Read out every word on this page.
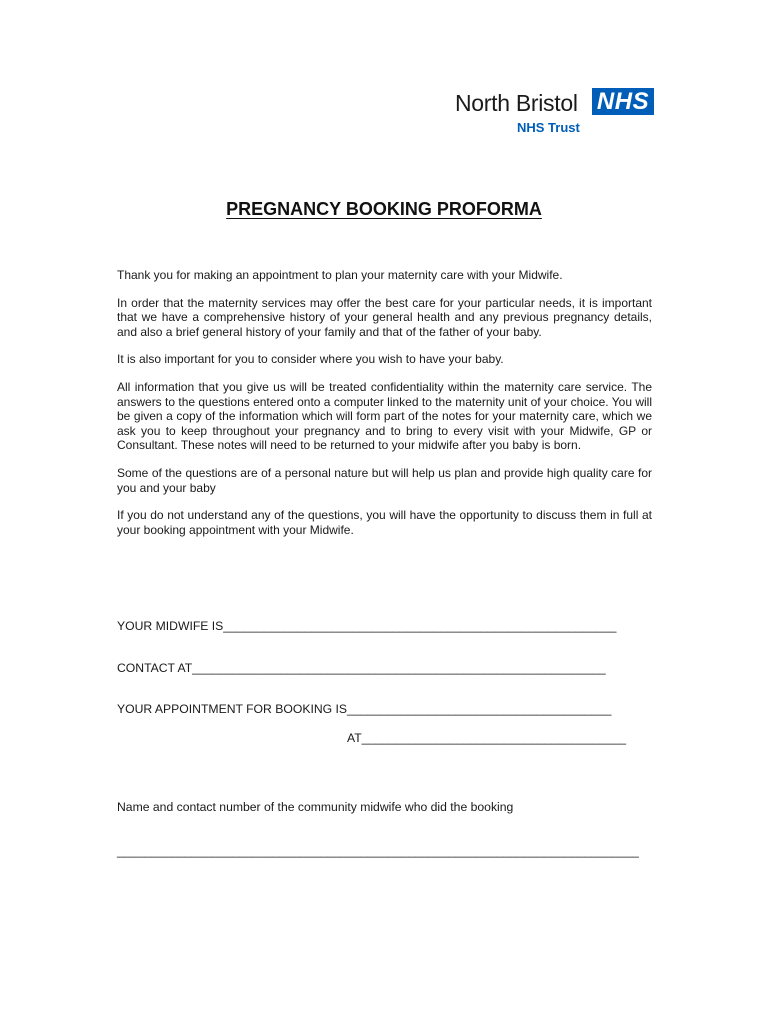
North Bristol NHS
NHS Trust
PREGNANCY BOOKING PROFORMA

Thank you for making an appointment to plan your maternity care with your Midwife.

In order that the maternity services may offer the best care for your particular needs, it is important that we have a comprehensive history of your general health and any previous pregnancy details, and also a brief general history of your family and that of the father of your baby.

It is also important for you to consider where you wish to have your baby.

All information that you give us will be treated confidentiality within the maternity care service. The answers to the questions entered onto a computer linked to the maternity unit of your choice. You will be given a copy of the information which will form part of the notes for your maternity care, which we ask you to keep throughout your pregnancy and to bring to every visit with your Midwife, GP or Consultant. These notes will need to be returned to your midwife after you baby is born.

Some of the questions are of a personal nature but will help us plan and provide high quality care for you and your baby

If you do not understand any of the questions, you will have the opportunity to discuss them in full at your booking appointment with your Midwife.

YOUR MIDWIFE IS__________________________________________________________
CONTACT AT_____________________________________________________________
YOUR APPOINTMENT FOR BOOKING IS_______________________________________
AT_______________________________________
Name and contact number of the community midwife who did the booking
_____________________________________________________________________________
